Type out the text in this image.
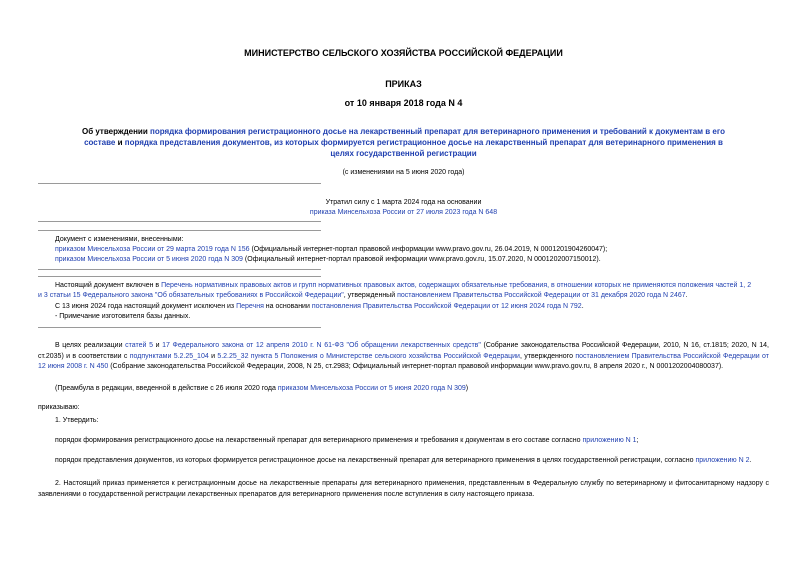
МИНИСТЕРСТВО СЕЛЬСКОГО ХОЗЯЙСТВА РОССИЙСКОЙ ФЕДЕРАЦИИ
ПРИКАЗ
от 10 января 2018 года N 4
Об утверждении порядка формирования регистрационного досье на лекарственный препарат для ветеринарного применения и требований к документам в его
составе и порядка представления документов, из которых формируется регистрационное досье на лекарственный препарат для ветеринарного применения в
целях государственной регистрации
(с изменениями на 5 июня 2020 года)
Утратил силу с 1 марта 2024 года на основании
приказа Минсельхоза России от 27 июля 2023 года N 648
Документ с изменениями, внесенными:
приказом Минсельхоза России от 29 марта 2019 года N 156 (Официальный интернет-портал правовой информации www.pravo.gov.ru, 26.04.2019, N 0001201904260047);
приказом Минсельхоза России от 5 июня 2020 года N 309 (Официальный интернет-портал правовой информации www.pravo.gov.ru, 15.07.2020, N 0001202007150012).
Настоящий документ включен в Перечень нормативных правовых актов и групп нормативных правовых актов, содержащих обязательные требования, в отношении которых не применяются положения частей 1, 2
и 3 статьи 15 Федерального закона "Об обязательных требованиях в Российской Федерации", утвержденный постановлением Правительства Российской Федерации от 31 декабря 2020 года N 2467.
С 13 июня 2024 года настоящий документ исключен из Перечня на основании постановления Правительства Российской Федерации от 12 июня 2024 года N 792.
- Примечание изготовителя базы данных.
В целях реализации статей 5 и 17 Федерального закона от 12 апреля 2010 г. N 61-ФЗ "Об обращении лекарственных средств" (Собрание законодательства Российской Федерации, 2010, N 16, ст.1815; 2020, N 14, ст.2035) и в соответствии с подпунктами 5.2.25_104 и 5.2.25_32 пункта 5 Положения о Министерстве сельского хозяйства Российской Федерации, утвержденного постановлением Правительства Российской Федерации от 12 июня 2008 г. N 450 (Собрание законодательства Российской Федерации, 2008, N 25, ст.2983; Официальный интернет-портал правовой информации www.pravo.gov.ru, 8 апреля 2020 г., N 0001202004080037).
(Преамбула в редакции, введенной в действие с 26 июля 2020 года приказом Минсельхоза России от 5 июня 2020 года N 309)
приказываю:
1. Утвердить:
порядок формирования регистрационного досье на лекарственный препарат для ветеринарного применения и требования к документам в его составе согласно приложению N 1;
порядок представления документов, из которых формируется регистрационное досье на лекарственный препарат для ветеринарного применения в целях государственной регистрации, согласно приложению N 2.
2. Настоящий приказ применяется к регистрационным досье на лекарственные препараты для ветеринарного применения, представленным в Федеральную службу по ветеринарному и фитосанитарному надзору с заявлениями о государственной регистрации лекарственных препаратов для ветеринарного применения после вступления в силу настоящего приказа.
